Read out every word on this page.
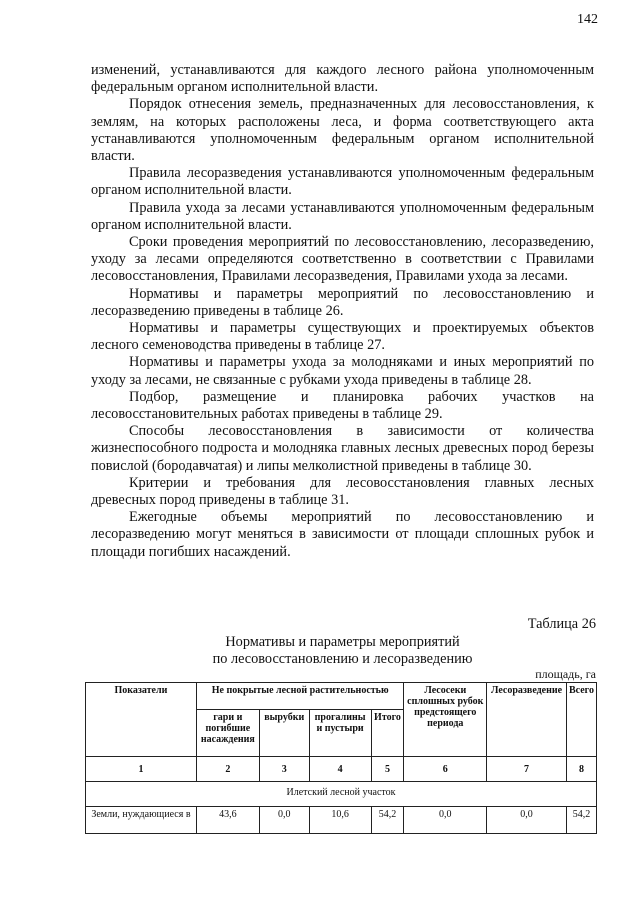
142

изменений, устанавливаются для каждого лесного района уполномоченным федеральным органом исполнительной власти.

Порядок отнесения земель, предназначенных для лесовосстановления, к землям, на которых расположены леса, и форма соответствующего акта устанавливаются уполномоченным федеральным органом исполнительной власти.

Правила лесоразведения устанавливаются уполномоченным федеральным органом исполнительной власти.

Правила ухода за лесами устанавливаются уполномоченным федеральным органом исполнительной власти.

Сроки проведения мероприятий по лесовосстановлению, лесоразведению, уходу за лесами определяются соответственно в соответствии с Правилами лесовосстановления, Правилами лесоразведения, Правилами ухода за лесами.

Нормативы и параметры мероприятий по лесовосстановлению и лесоразведению приведены в таблице 26.

Нормативы и параметры существующих и проектируемых объектов лесного семеноводства приведены в таблице 27.

Нормативы и параметры ухода за молодняками и иных мероприятий по уходу за лесами, не связанные с рубками ухода приведены в таблице 28.

Подбор, размещение и планировка рабочих участков на лесовосстановительных работах приведены в таблице 29.

Способы лесовосстановления в зависимости от количества жизнеспособного подроста и молодняка главных лесных древесных пород березы повислой (бородавчатая) и липы мелколистной приведены в таблице 30.

Критерии и требования для лесовосстановления главных лесных древесных пород приведены в таблице 31.

Ежегодные объемы мероприятий по лесовосстановлению и лесоразведению могут меняться в зависимости от площади сплошных рубок и площади погибших насаждений.

Таблица 26
Нормативы и параметры мероприятий
по лесовосстановлению и лесоразведению
площадь, га
Показатели	Не покрытые лесной растительностью				Лесосеки сплошных рубок предстоящего периода	Лесоразведение	Всего
	гари и погибшие насаждения	вырубки	прогалины и пустыри	Итого			
1	2	3	4	5	6	7	8
Илетский лесной участок							
Земли, нуждающиеся в	43,6	0,0	10,6	54,2	0,0	0,0	54,2
